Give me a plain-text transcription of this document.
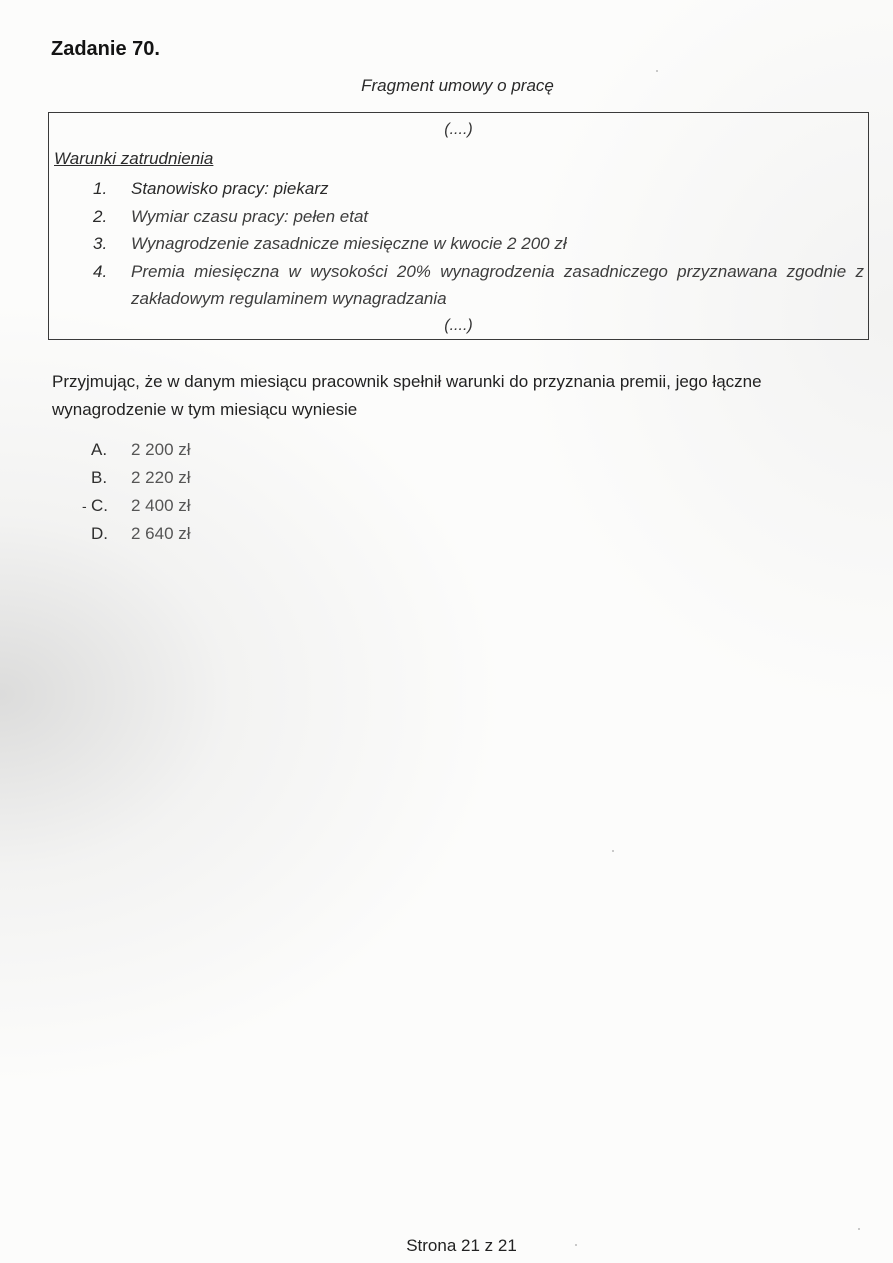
Zadanie 70.
Fragment umowy o pracę
(....)
Warunki zatrudnienia
1. Stanowisko pracy: piekarz
2. Wymiar czasu pracy: pełen etat
3. Wynagrodzenie zasadnicze miesięczne w kwocie 2 200 zł
4. Premia miesięczna w wysokości 20% wynagrodzenia zasadniczego przyznawana zgodnie z zakładowym regulaminem wynagradzania
(....)
Przyjmując, że w danym miesiącu pracownik spełnił warunki do przyznania premii, jego łączne wynagrodzenie w tym miesiącu wyniesie
A.	2 200 zł
B.	2 220 zł
- C.	2 400 zł
D.	2 640 zł
Strona 21 z 21
